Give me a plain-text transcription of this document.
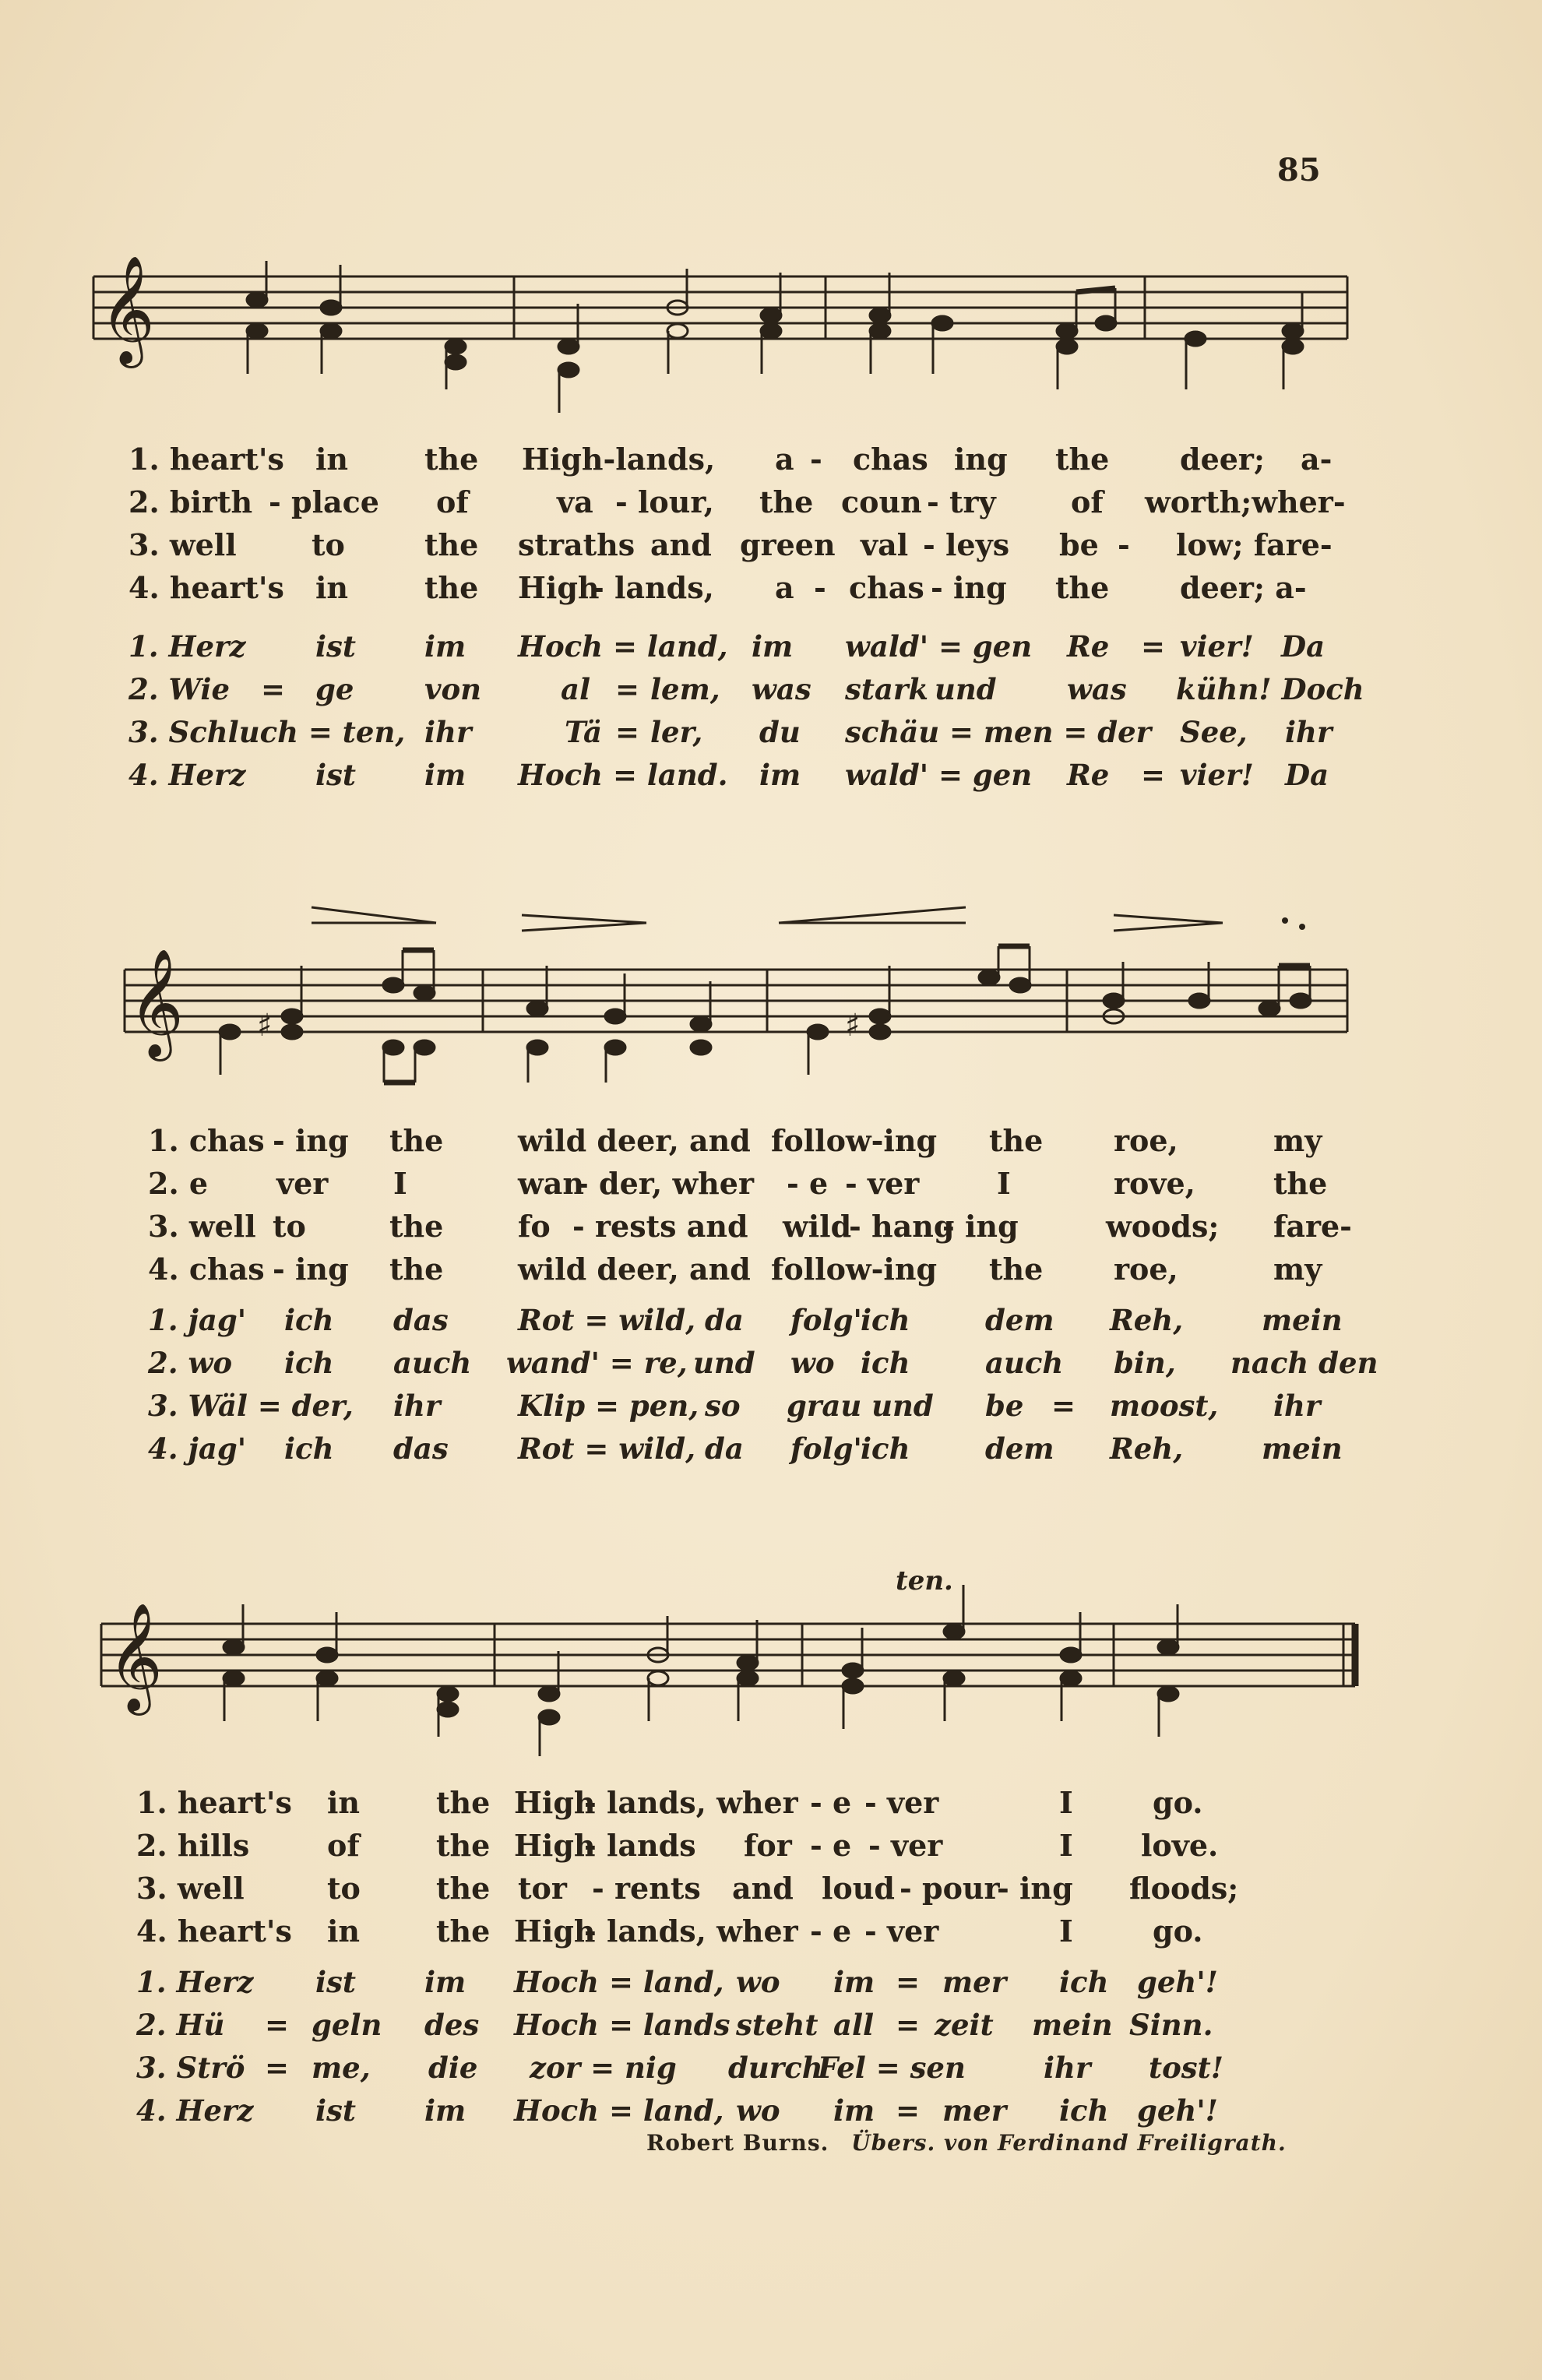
85
𝄞
1. heart's in	the High-lands, a - chas ing the deer; a-
2. birth - place of	va - lour, the coun - try	of worth;wher-
3. well	to	the straths and green val - leys be - low; fare-
4. heart's in	the High
- lands, a - chas - ing the deer; a-
1. Herz ist im Hoch = land, im wald' = gen Re = vier! Da
2. Wie = ge von	al = lem, was stark und was kühn! Doch
3. Schluch = ten, ihr	Tä = ler, du schäu = men = der See, ihr
4. Herz ist im Hoch = land. im wald' = gen Re = vier! Da
𝄞 ♯	♯
1. chas - ing the	wild deer, and follow-ing the roe,	my
2. e ver I	wan
- der, wher - e - ver	I	rove,	the
3. well to	the	fo - rests and wild
- hang
- ing	woods; fare-
4. chas - ing the	wild deer, and follow-ing the roe,	my
1. jag' ich das Rot = wild, da folg'
ich	dem Reh,	mein
2. wo ich auch wand' = re, und wo ich	auch bin, nach den
3. Wäl = der, ihr	Klip = pen, so grau und be = moost, ihr
4. jag' ich das Rot = wild, da folg'
ich	dem Reh,	mein
ten.
𝄞
1. heart's in	the High
- lands, wher - e - ver	I	go.
2. hills	of	the High
- lands for - e - ver	I love.
3. well	to	the tor - rents and loud - pour
- ing floods;
4. heart's in	the High
- lands, wher - e - ver	I	go.
1. Herz ist im Hoch = land, wo im = mer ich geh'!
2. Hü = geln des Hoch = lands steht all = zeit mein Sinn.
3. Strö = me, die zor = nig durch
Fel = sen	ihr tost!
4. Herz ist im Hoch = land, wo im = mer ich geh'!
Robert Burns. Übers. von Ferdinand Freiligrath.
